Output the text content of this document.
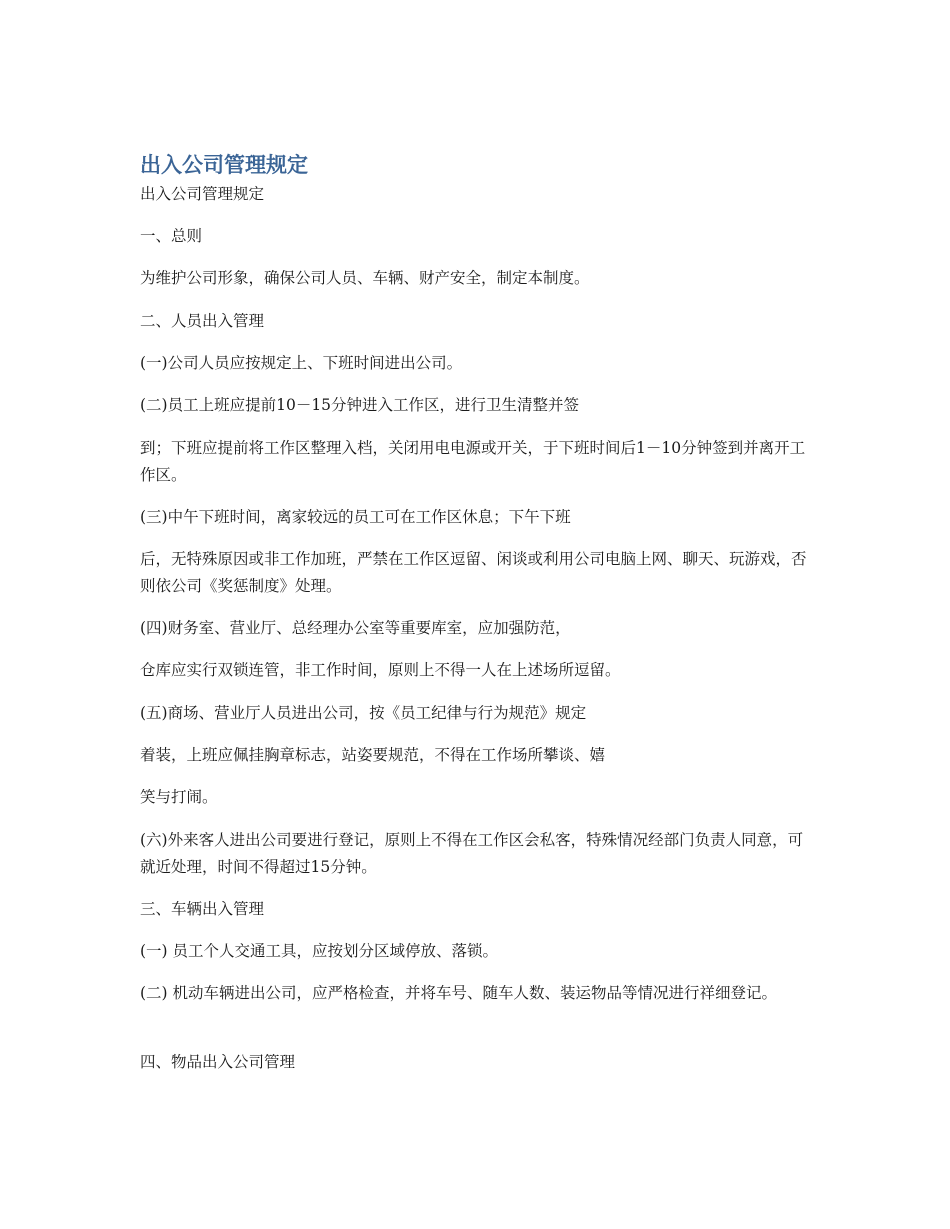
出入公司管理规定

出入公司管理规定

一、总则

为维护公司形象，确保公司人员、车辆、财产安全，制定本制度。

二、人员出入管理

(一)公司人员应按规定上、下班时间进出公司。

(二)员工上班应提前10－15分钟进入工作区，进行卫生清整并签

到；下班应提前将工作区整理入档，关闭用电电源或开关，于下班时间后1－10分钟签到并离开工作区。

(三)中午下班时间，离家较远的员工可在工作区休息；下午下班

后，无特殊原因或非工作加班，严禁在工作区逗留、闲谈或利用公司电脑上网、聊天、玩游戏，否则依公司《奖惩制度》处理。

(四)财务室、营业厅、总经理办公室等重要库室，应加强防范，

仓库应实行双锁连管，非工作时间，原则上不得一人在上述场所逗留。

(五)商场、营业厅人员进出公司，按《员工纪律与行为规范》规定

着装，上班应佩挂胸章标志，站姿要规范，不得在工作场所攀谈、嬉

笑与打闹。

(六)外来客人进出公司要进行登记，原则上不得在工作区会私客，特殊情况经部门负责人同意，可就近处理，时间不得超过15分钟。

三、车辆出入管理

(一) 员工个人交通工具，应按划分区域停放、落锁。

(二) 机动车辆进出公司，应严格检查，并将车号、随车人数、装运物品等情况进行祥细登记。

四、物品出入公司管理
